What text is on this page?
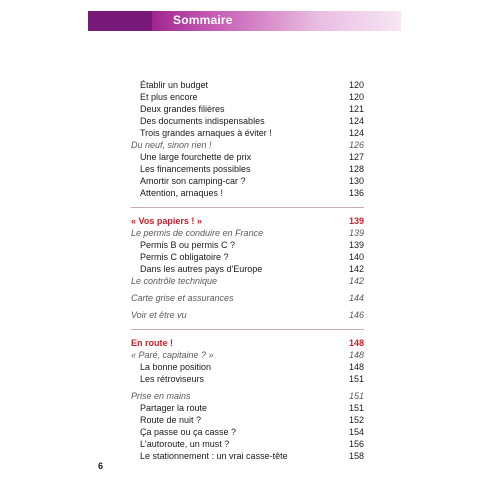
Sommaire
Établir un budget	120
Et plus encore	120
Deux grandes filières	121
Des documents indispensables	124
Trois grandes arnaques à éviter !	124
Du neuf, sinon rien !	126
Une large fourchette de prix	127
Les financements possibles	128
Amortir son camping-car ?	130
Attention, arnaques !	136
« Vos papiers ! »	139
Le permis de conduire en France	139
Permis B ou permis C ?	139
Permis C obligatoire ?	140
Dans les autres pays d'Europe	142
Le contrôle technique	142
Carte grise et assurances	144
Voir et être vu	146
En route !	148
« Paré, capitaine ? »	148
La bonne position	148
Les rétroviseurs	151
Prise en mains	151
Partager la route	151
Route de nuit ?	152
Ça passe ou ça casse ?	154
L'autoroute, un must ?	156
Le stationnement : un vrai casse-tête	158
6
